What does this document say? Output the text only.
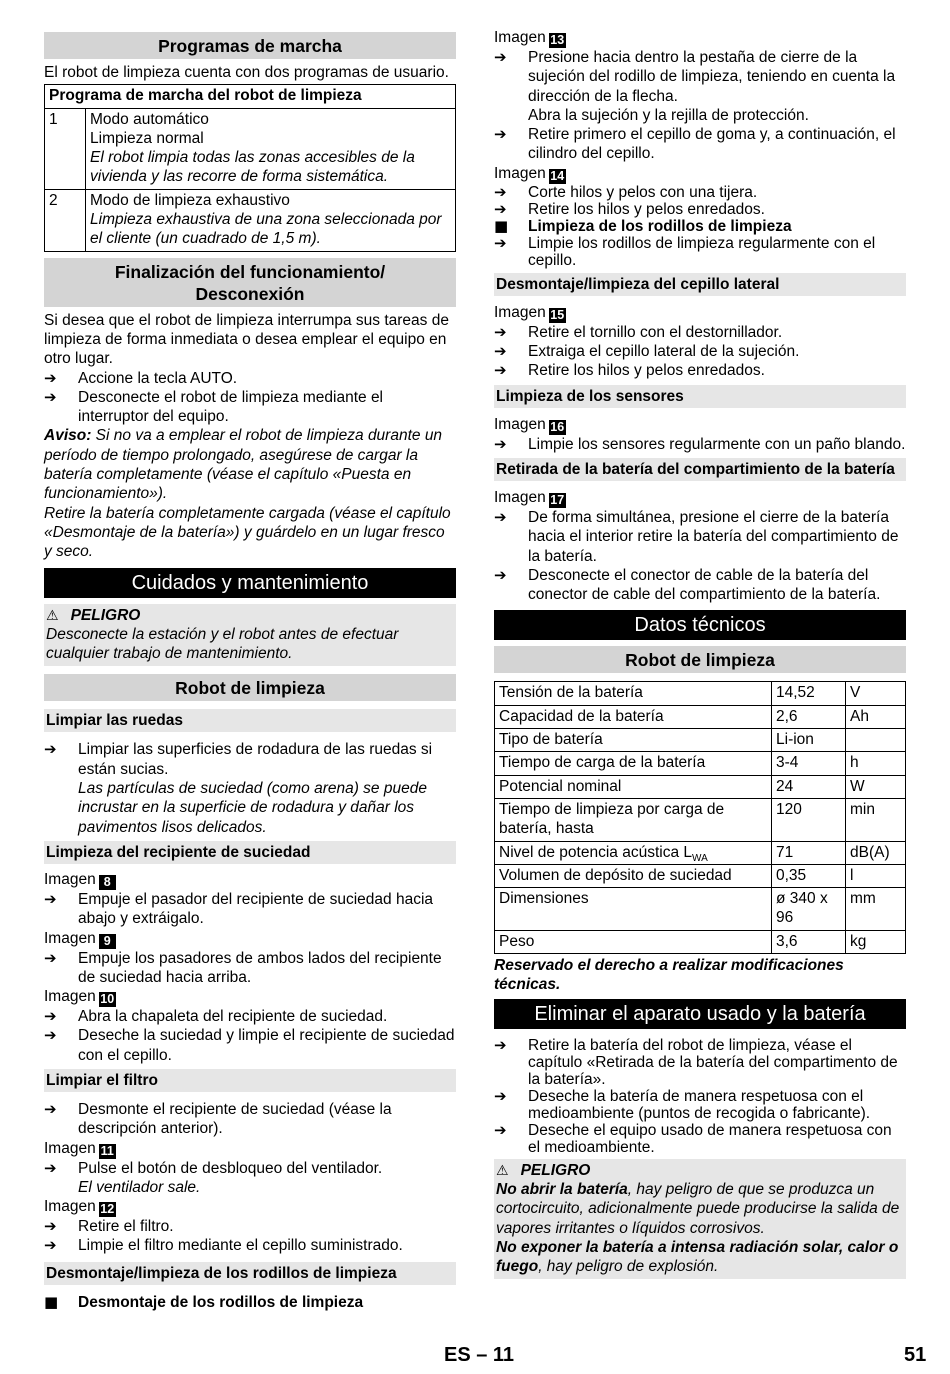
Programas de marcha

El robot de limpieza cuenta con dos programas de usuario.

Programa de marcha del robot de limpieza	
1	Modo automático
Limpieza normal
El robot limpia todas las zonas accesibles de la vivienda y las recorre de forma sistemática.

2	Modo de limpieza exhaustivo
Limpieza exhaustiva de una zona seleccionada por el cliente (un cuadrado de 1,5 m).
Finalización del funcionamiento/
Desconexión

Si desea que el robot de limpieza interrumpa sus tareas de limpieza de forma inmediata o desea emplear el equipo en otro lugar.

➔	Accione la tecla AUTO.
➔	Desconecte el robot de limpieza mediante el interruptor del equipo.

Aviso: Si no va a emplear el robot de limpieza durante un período de tiempo prolongado, asegúrese de cargar la batería completamente (véase el capítulo «Puesta en funcionamiento»).

Retire la batería completamente cargada (véase el capítulo «Desmontaje de la batería») y guárdelo en un lugar fresco y seco.

Cuidados y mantenimiento
⚠ PELIGRO
Desconecte la estación y el robot antes de efectuar cualquier trabajo de mantenimiento.
Robot de limpieza
Limpiar las ruedas
➔	Limpiar las superficies de rodadura de las ruedas si están sucias.

Las partículas de suciedad (como arena) se puede incrustar en la superficie de rodadura y dañar los pavimentos lisos delicados.

Limpieza del recipiente de suciedad

Imagen 8

➔	Empuje el pasador del recipiente de suciedad hacia abajo y extráigalo.

Imagen 9

➔	Empuje los pasadores de ambos lados del recipiente de suciedad hacia arriba.

Imagen 10

➔	Abra la chapaleta del recipiente de suciedad.
➔	Deseche la suciedad y limpie el recipiente de suciedad con el cepillo.
Limpiar el filtro
➔	Desmonte el recipiente de suciedad (véase la descripción anterior).

Imagen 11

➔	Pulse el botón de desbloqueo del ventilador.

El ventilador sale.

Imagen 12

➔	Retire el filtro.
➔	Limpie el filtro mediante el cepillo suministrado.
Desmontaje/limpieza de los rodillos de limpieza
■	Desmontaje de los rodillos de limpieza

Imagen 13

➔	Presione hacia dentro la pestaña de cierre de la sujeción del rodillo de limpieza, teniendo en cuenta la dirección de la flecha.

Abra la sujeción y la rejilla de protección.

➔	Retire primero el cepillo de goma y, a continuación, el cilindro del cepillo.

Imagen 14

➔	Corte hilos y pelos con una tijera.
➔	Retire los hilos y pelos enredados.
■	Limpieza de los rodillos de limpieza
➔	Limpie los rodillos de limpieza regularmente con el cepillo.
Desmontaje/limpieza del cepillo lateral

Imagen 15

➔	Retire el tornillo con el destornillador.
➔	Extraiga el cepillo lateral de la sujeción.
➔	Retire los hilos y pelos enredados.
Limpieza de los sensores

Imagen 16

➔	Limpie los sensores regularmente con un paño blando.
Retirada de la batería del compartimiento de la batería

Imagen 17

➔	De forma simultánea, presione el cierre de la batería hacia el interior retire la batería del compartimiento de la batería.
➔	Desconecte el conector de cable de la batería del conector de cable del compartimiento de la batería.
Datos técnicos
Robot de limpieza
Tensión de la batería	14,52	V
Capacidad de la batería	2,6	Ah
Tipo de batería	Li-ion	
Tiempo de carga de la batería	3-4	h
Potencial nominal	24	W
Tiempo de limpieza por carga de batería, hasta	120	min
Nivel de potencia acústica $L_{WA}$	71	dB(A)
Volumen de depósito de suciedad	0,35	l
Dimensiones	ø 340 x 96	mm
Peso	3,6	kg

Reservado el derecho a realizar modificaciones técnicas.

Eliminar el aparato usado y la batería
➔	Retire la batería del robot de limpieza, véase el capítulo «Retirada de la batería del compartimento de la batería».
➔	Deseche la batería de manera respetuosa con el medioambiente (puntos de recogida o fabricante).
➔	Deseche el equipo usado de manera respetuosa con el medioambiente.
⚠ PELIGRO
No abrir la batería, hay peligro de que se produzca un cortocircuito, adicionalmente puede producirse la salida de vapores irritantes o líquidos corrosivos.
No exponer la batería a intensa radiación solar, calor o fuego, hay peligro de explosión.
ES – 11	51
